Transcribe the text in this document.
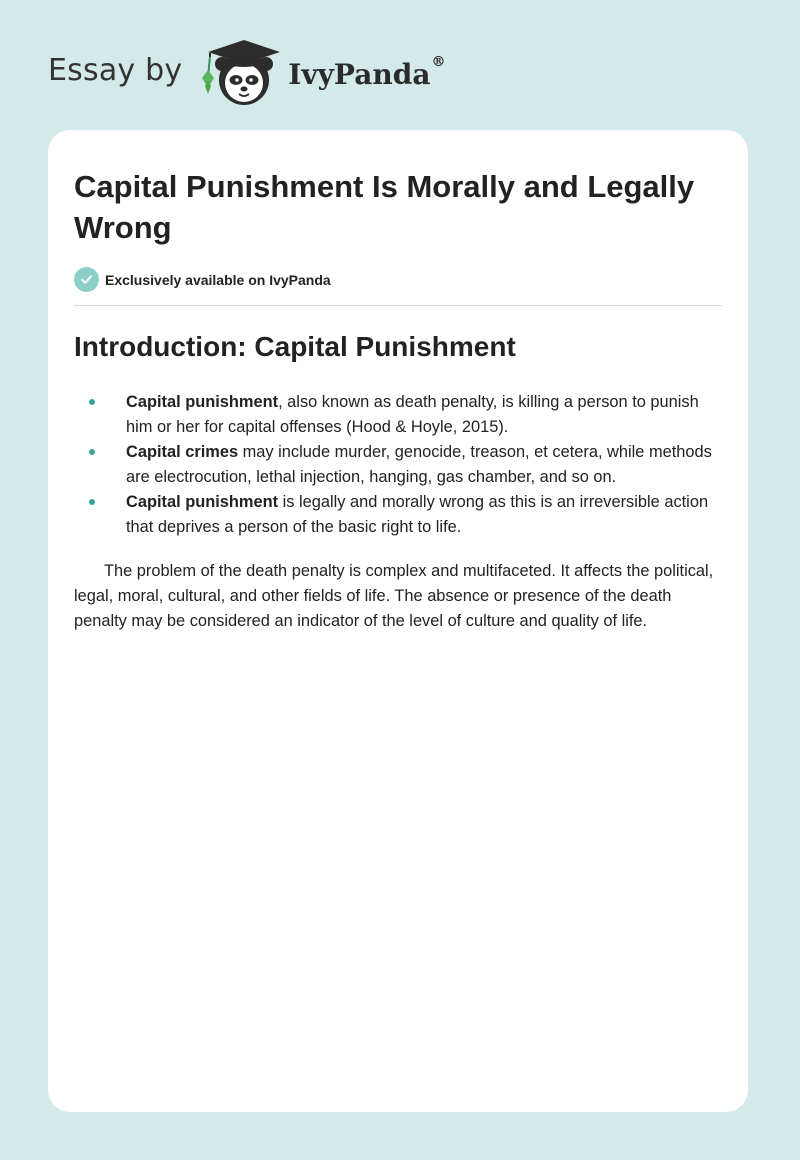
Essay by	IvyPanda®
Capital Punishment Is Morally and Legally Wrong
Exclusively available on IvyPanda
Introduction: Capital Punishment
Capital punishment, also known as death penalty, is killing a person to punish him or her for capital offenses (Hood & Hoyle, 2015).
Capital crimes may include murder, genocide, treason, et cetera, while methods are electrocution, lethal injection, hanging, gas chamber, and so on.
Capital punishment is legally and morally wrong as this is an irreversible action that deprives a person of the basic right to life.

The problem of the death penalty is complex and multifaceted. It affects the political, legal, moral, cultural, and other fields of life. The absence or presence of the death penalty may be considered an indicator of the level of culture and quality of life.
